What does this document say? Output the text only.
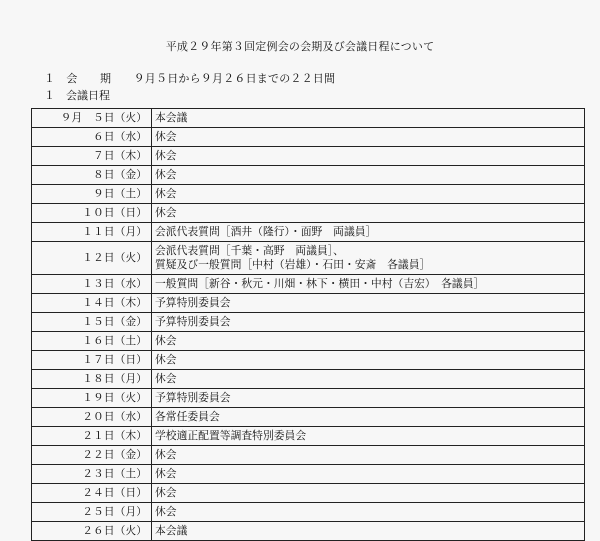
平成２９年第３回定例会の会期及び会議日程について
１　会　　期　　９月５日から９月２６日までの２２日間
１　会議日程
９月　５日（火）	本会議
６日（水）	休会
７日（木）	休会
８日（金）	休会
９日（土）	休会
１０日（日）	休会
１１日（月）	会派代表質問［酒井（隆行）・面野　両議員］
１２日（火）	会派代表質問［千葉・高野　両議員］、
質疑及び一般質問［中村（岩雄）・石田・安斎　各議員］

１３日（水）	一般質問［新谷・秋元・川畑・林下・横田・中村（吉宏）　各議員］
１４日（木）	予算特別委員会
１５日（金）	予算特別委員会
１６日（土）	休会
１７日（日）	休会
１８日（月）	休会
１９日（火）	予算特別委員会
２０日（水）	各常任委員会
２１日（木）	学校適正配置等調査特別委員会
２２日（金）	休会
２３日（土）	休会
２４日（日）	休会
２５日（月）	休会
２６日（火）	本会議
